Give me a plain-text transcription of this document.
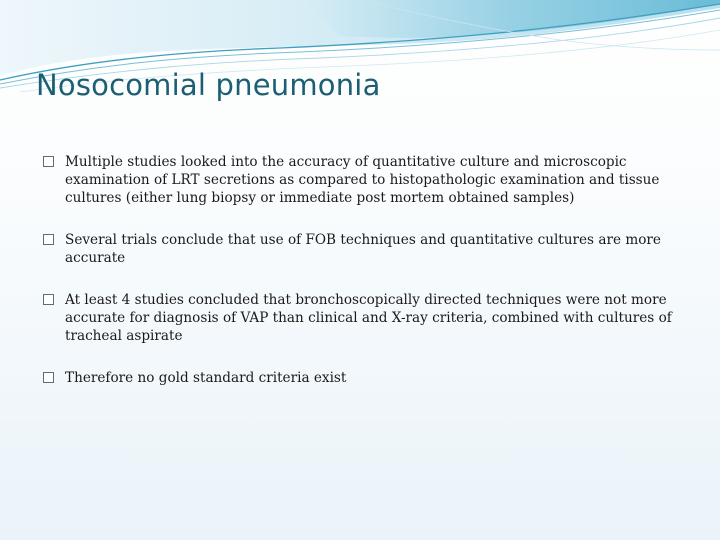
Nosocomial pneumonia
Multiple studies looked into the accuracy of quantitative culture and microscopic examination of LRT secretions as compared to histopathologic examination and tissue cultures (either lung biopsy or immediate post mortem obtained samples)
Several trials conclude that use of FOB techniques and quantitative cultures are more accurate
At least 4 studies concluded that bronchoscopically directed techniques were not more accurate for diagnosis of VAP than clinical and X-ray criteria, combined with cultures of tracheal aspirate
Therefore no gold standard criteria exist
